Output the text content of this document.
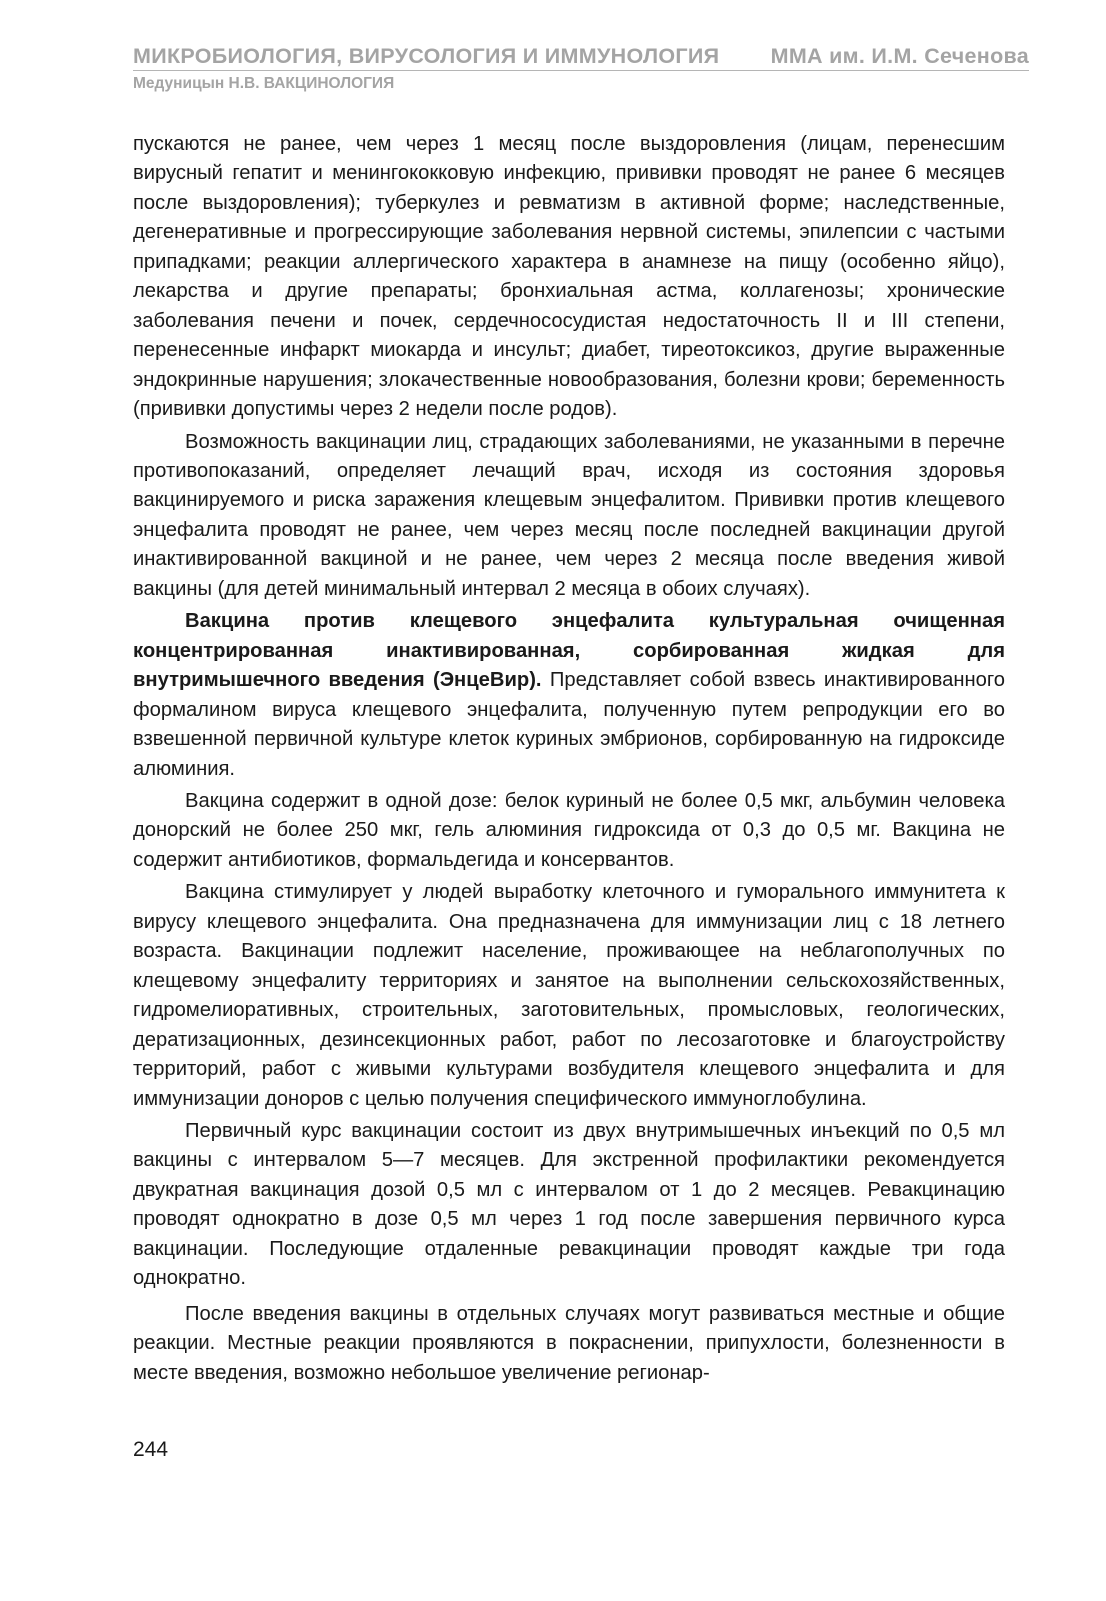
МИКРОБИОЛОГИЯ, ВИРУСОЛОГИЯ И ИММУНОЛОГИЯ ММА им. И.М. Сеченова
Медуницын Н.В. ВАКЦИНОЛОГИЯ

пускаются не ранее, чем через 1 месяц после выздоровления (лицам, перенесшим вирусный гепатит и менингококковую инфекцию, прививки проводят не ранее 6 месяцев после выздоровления); туберкулез и ревматизм в активной форме; наследственные, дегенеративные и прогрессирующие заболевания нервной системы, эпилепсии с частыми припадками; реакции аллергического характера в анамнезе на пищу (особенно яйцо), лекарства и другие препараты; бронхиальная астма, коллагенозы; хронические заболевания печени и почек, сердечнососудистая недостаточность II и III степени, перенесенные инфаркт миокарда и инсульт; диабет, тиреотоксикоз, другие выраженные эндокринные нарушения; злокачественные новообразования, болезни крови; беременность (прививки допустимы через 2 недели после родов).

Возможность вакцинации лиц, страдающих заболеваниями, не указанными в перечне противопоказаний, определяет лечащий врач, исходя из состояния здоровья вакцинируемого и риска заражения клещевым энцефалитом. Прививки против клещевого энцефалита проводят не ранее, чем через месяц после последней вакцинации другой инактивированной вакциной и не ранее, чем через 2 месяца после введения живой вакцины (для детей минимальный интервал 2 месяца в обоих случаях).

Вакцина против клещевого энцефалита культуральная очищенная концентрированная инактивированная, сорбированная жидкая для внутримышечного введения (ЭнцеВир). Представляет собой взвесь инактивированного формалином вируса клещевого энцефалита, полученную путем репродукции его во взвешенной первичной культуре клеток куриных эмбрионов, сорбированную на гидроксиде алюминия.

Вакцина содержит в одной дозе: белок куриный не более 0,5 мкг, альбумин человека донорский не более 250 мкг, гель алюминия гидроксида от 0,3 до 0,5 мг. Вакцина не содержит антибиотиков, формальдегида и консервантов.

Вакцина стимулирует у людей выработку клеточного и гуморального иммунитета к вирусу клещевого энцефалита. Она предназначена для иммунизации лиц с 18 летнего возраста. Вакцинации подлежит население, проживающее на неблагополучных по клещевому энцефалиту территориях и занятое на выполнении сельскохозяйственных, гидромелиоративных, строительных, заготовительных, промысловых, геологических, дератизационных, дезинсекционных работ, работ по лесозаготовке и благоустройству территорий, работ с живыми культурами возбудителя клещевого энцефалита и для иммунизации доноров с целью получения специфического иммуноглобулина.

Первичный курс вакцинации состоит из двух внутримышечных инъекций по 0,5 мл вакцины с интервалом 5—7 месяцев. Для экстренной профилактики рекомендуется двукратная вакцинация дозой 0,5 мл с интервалом от 1 до 2 месяцев. Ревакцинацию проводят однократно в дозе 0,5 мл через 1 год после завершения первичного курса вакцинации. Последующие отдаленные ревакцинации проводят каждые три года однократно.

После введения вакцины в отдельных случаях могут развиваться местные и общие реакции. Местные реакции проявляются в покраснении, припухлости, болезненности в месте введения, возможно небольшое увеличение регионар-

244
